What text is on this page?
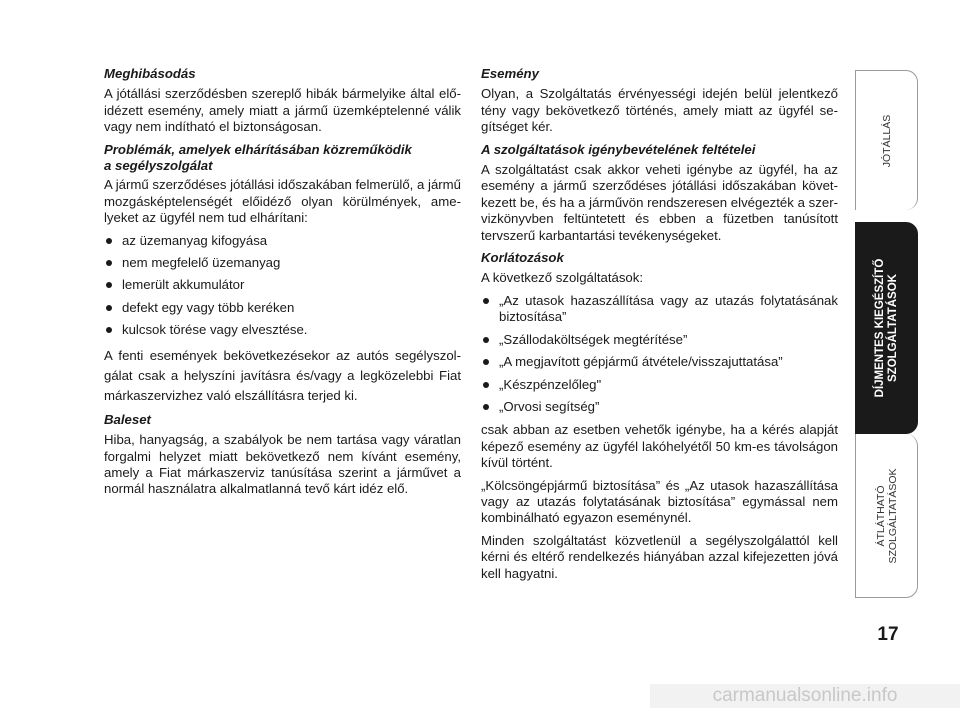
Meghibásodás

A jótállási szerződésben szereplő hibák bármelyike által előidézett esemény, amely miatt a jármű üzemképtelenné válik vagy nem indítható el biztonságosan.

Problémák, amelyek elhárításában közreműködik
a segélyszolgálat

A jármű szerződéses jótállási időszakában felmerülő, a jármű mozgásképtelenségét előidéző olyan körülmények, amelyeket az ügyfél nem tud elhárítani:

az üzemanyag kifogyása
nem megfelelő üzemanyag
lemerült akkumulátor
defekt egy vagy több keréken
kulcsok törése vagy elvesztése.

A fenti események bekövetkezésekor az autós segélyszolgálat csak a helyszíni javításra és/vagy a legközelebbi Fiat márkaszervizhez való elszállításra terjed ki.

Baleset

Hiba, hanyagság, a szabályok be nem tartása vagy váratlan forgalmi helyzet miatt bekövetkező nem kívánt esemény, amely a Fiat márkaszerviz tanúsítása szerint a járművet a normál használatra alkalmatlanná tevő kárt idéz elő.

Esemény

Olyan, a Szolgáltatás érvényességi idején belül jelentkező tény vagy bekövetkező történés, amely miatt az ügyfél segítséget kér.

A szolgáltatások igénybevételének feltételei

A szolgáltatást csak akkor veheti igénybe az ügyfél, ha az esemény a jármű szerződéses jótállási időszakában következett be, és ha a járművön rendszeresen elvégezték a szervizkönyvben feltüntetett és ebben a füzetben tanúsított tervszerű karbantartási tevékenységeket.

Korlátozások

A következő szolgáltatások:

„Az utasok hazaszállítása vagy az utazás folytatásának biztosítása”
„Szállodaköltségek megtérítése”
„A megjavított gépjármű átvétele/visszajuttatása”
„Készpénzelőleg"
„Orvosi segítség”

csak abban az esetben vehetők igénybe, ha a kérés alapját képező esemény az ügyfél lakóhelyétől 50 km-es távolságon kívül történt.

„Kölcsöngépjármű biztosítása” és „Az utasok hazaszállítása vagy az utazás folytatásának biztosítása” egymással nem kombinálható egyazon eseménynél.

Minden szolgáltatást közvetlenül a segélyszolgálattól kell kérni és eltérő rendelkezés hiányában azzal kifejezetten jóvá kell hagyatni.

JÓTÁLLÁS
DÍJMENTES KIEGÉSZÍTŐ SZOLGÁLTATÁSOK
ÁTLÁTHATÓ SZOLGÁLTATÁSOK
17
carmanualsonline.info
